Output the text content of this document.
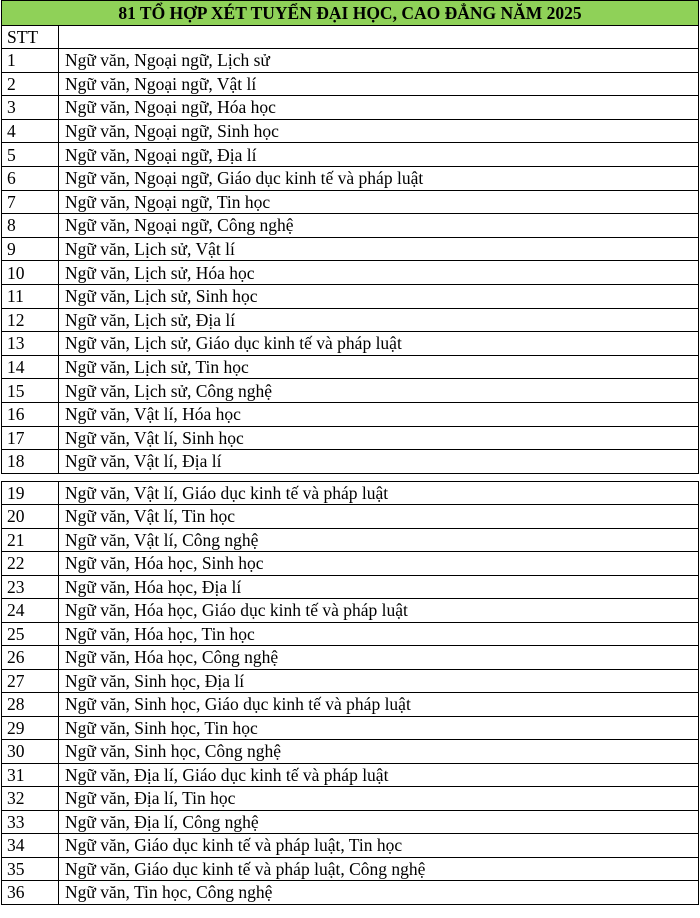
81 TỔ HỢP XÉT TUYỂN ĐẠI HỌC, CAO ĐẲNG NĂM 2025	
STT	
1	Ngữ văn, Ngoại ngữ, Lịch sử
2	Ngữ văn, Ngoại ngữ, Vật lí
3	Ngữ văn, Ngoại ngữ, Hóa học
4	Ngữ văn, Ngoại ngữ, Sinh học
5	Ngữ văn, Ngoại ngữ, Địa lí
6	Ngữ văn, Ngoại ngữ, Giáo dục kinh tế và pháp luật
7	Ngữ văn, Ngoại ngữ, Tin học
8	Ngữ văn, Ngoại ngữ, Công nghệ
9	Ngữ văn, Lịch sử, Vật lí
10	Ngữ văn, Lịch sử, Hóa học
11	Ngữ văn, Lịch sử, Sinh học
12	Ngữ văn, Lịch sử, Địa lí
13	Ngữ văn, Lịch sử, Giáo dục kinh tế và pháp luật
14	Ngữ văn, Lịch sử, Tin học
15	Ngữ văn, Lịch sử, Công nghệ
16	Ngữ văn, Vật lí, Hóa học
17	Ngữ văn, Vật lí, Sinh học
18	Ngữ văn, Vật lí, Địa lí
19	Ngữ văn, Vật lí, Giáo dục kinh tế và pháp luật
20	Ngữ văn, Vật lí, Tin học
21	Ngữ văn, Vật lí, Công nghệ
22	Ngữ văn, Hóa học, Sinh học
23	Ngữ văn, Hóa học, Địa lí
24	Ngữ văn, Hóa học, Giáo dục kinh tế và pháp luật
25	Ngữ văn, Hóa học, Tin học
26	Ngữ văn, Hóa học, Công nghệ
27	Ngữ văn, Sinh học, Địa lí
28	Ngữ văn, Sinh học, Giáo dục kinh tế và pháp luật
29	Ngữ văn, Sinh học, Tin học
30	Ngữ văn, Sinh học, Công nghệ
31	Ngữ văn, Địa lí, Giáo dục kinh tế và pháp luật
32	Ngữ văn, Địa lí, Tin học
33	Ngữ văn, Địa lí, Công nghệ
34	Ngữ văn, Giáo dục kinh tế và pháp luật, Tin học
35	Ngữ văn, Giáo dục kinh tế và pháp luật, Công nghệ
36	Ngữ văn, Tin học, Công nghệ
